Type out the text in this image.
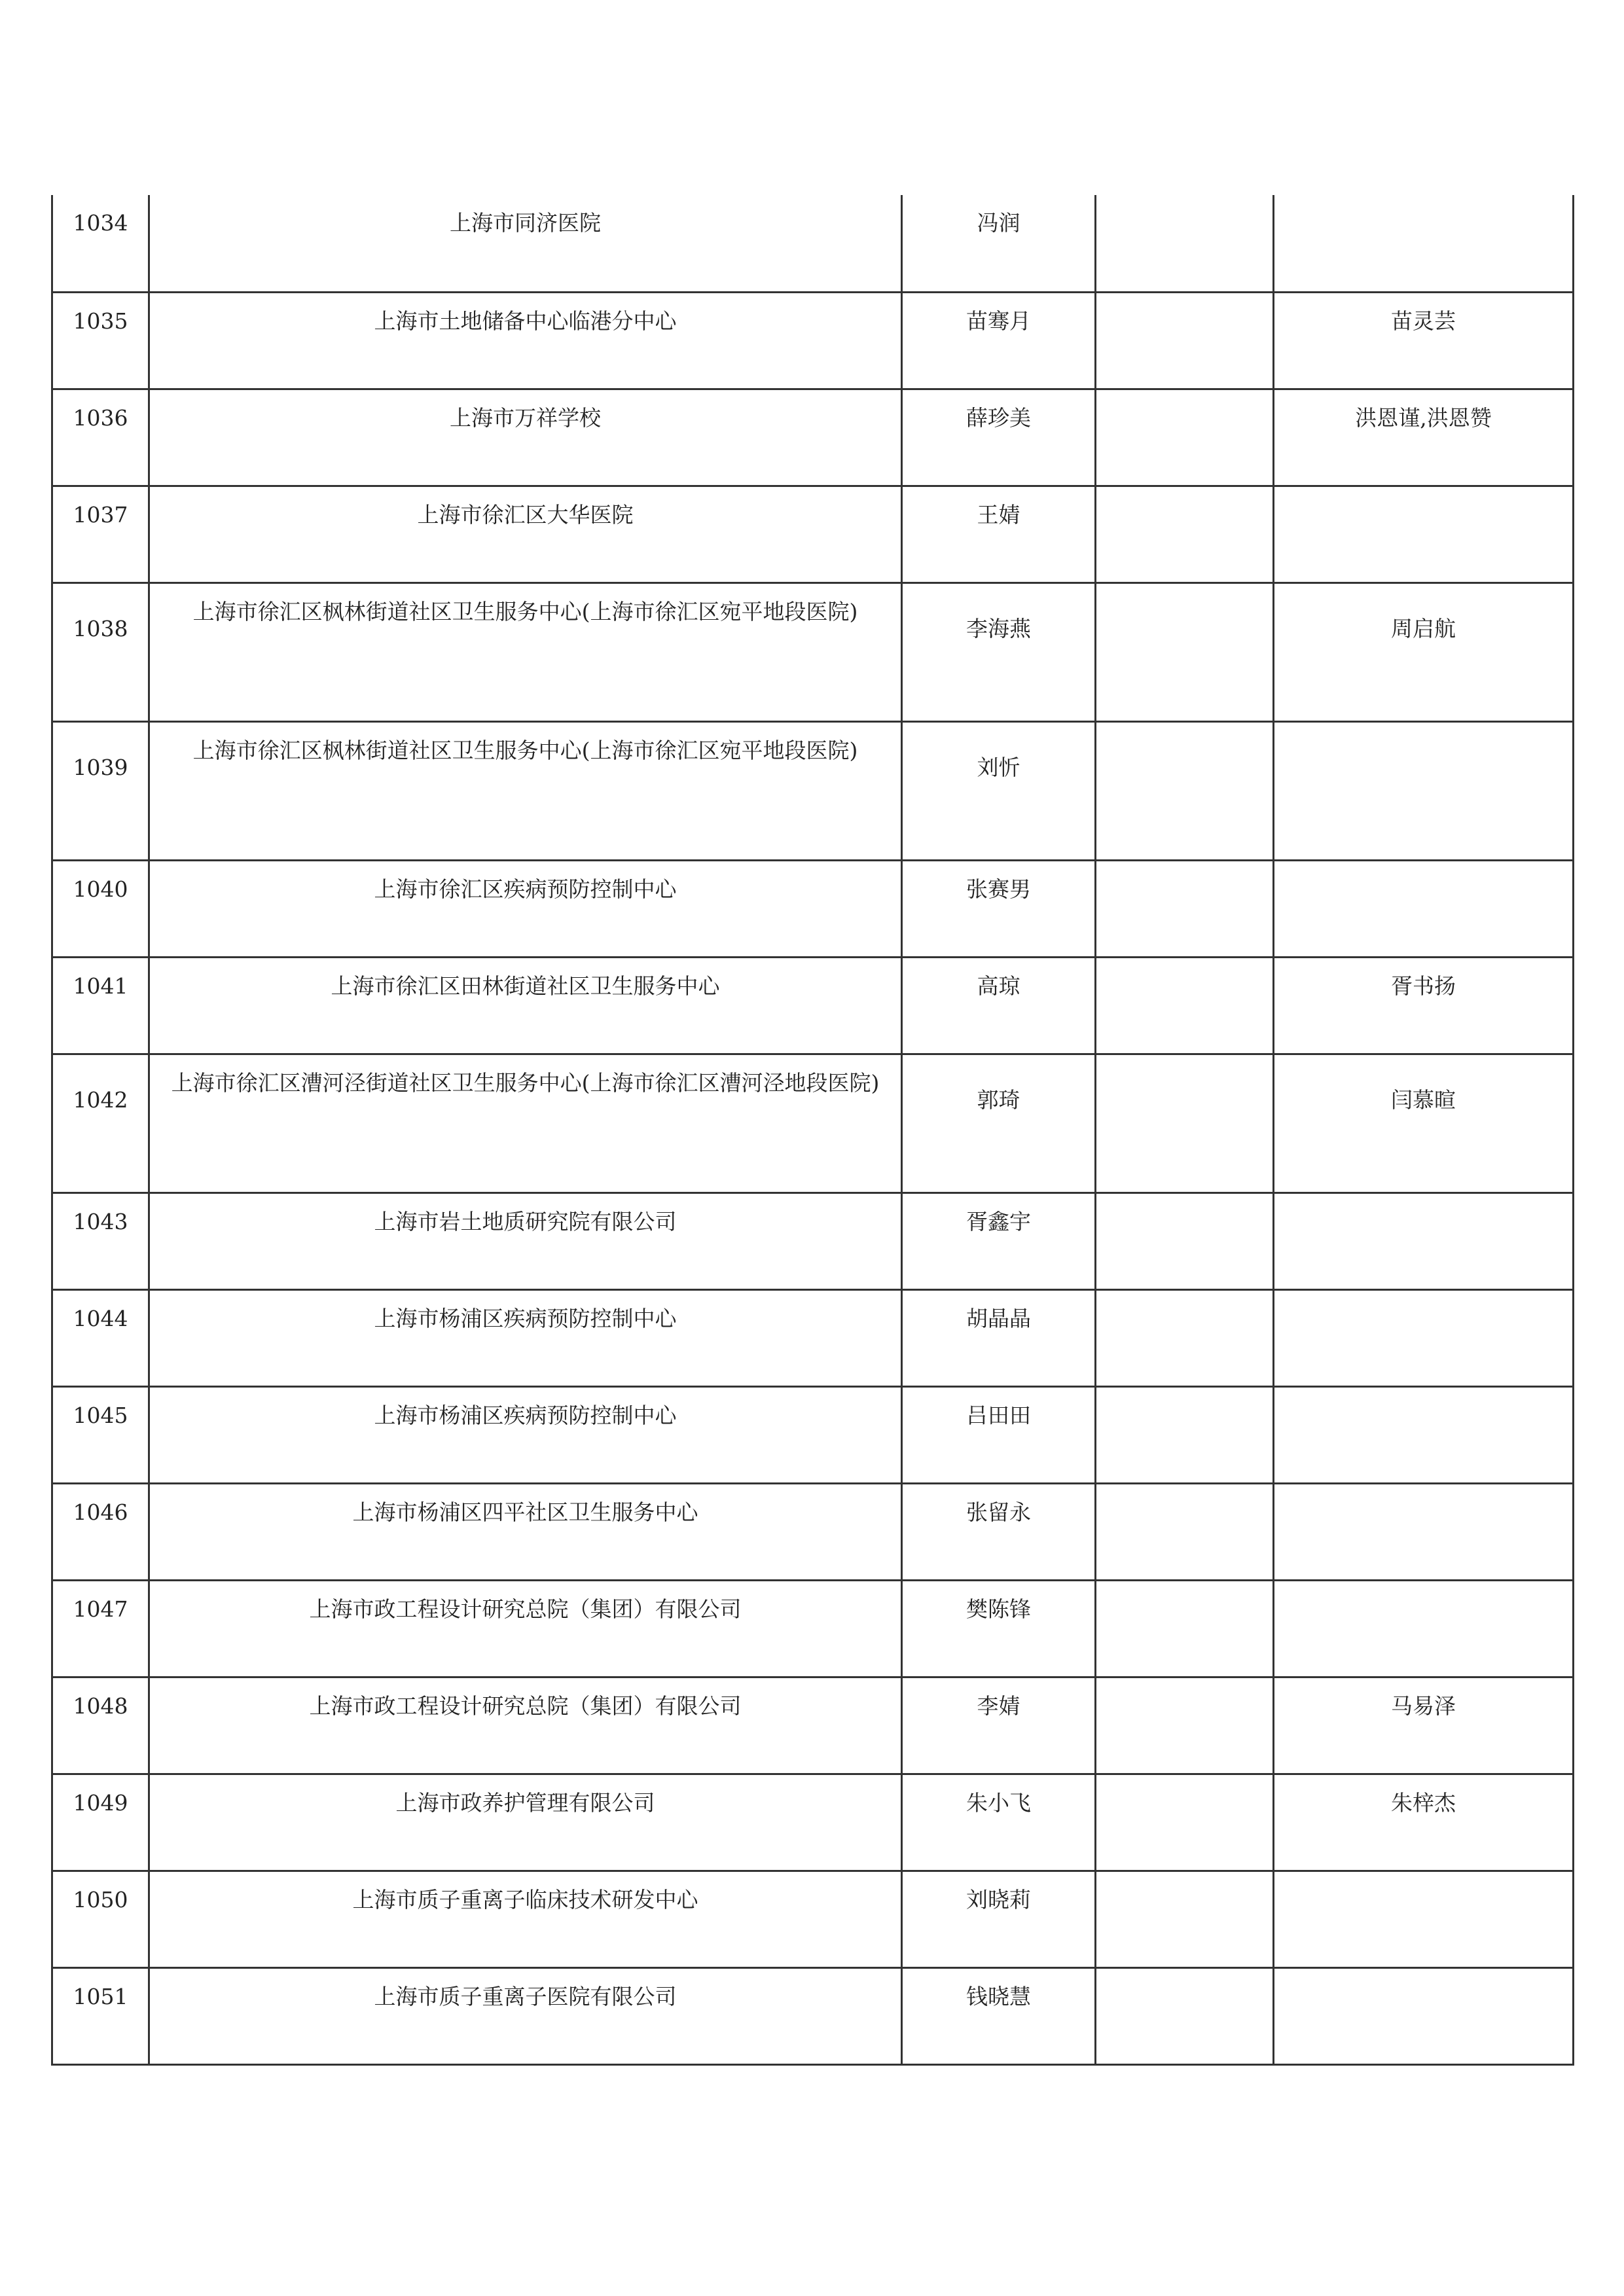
1034	上海市同济医院	冯润		
1035	上海市土地储备中心临港分中心	苗骞月		苗灵芸
1036	上海市万祥学校	薛珍美		洪恩谨,洪恩赞
1037	上海市徐汇区大华医院	王婧		
1038	上海市徐汇区枫林街道社区卫生服务中心(上海市徐汇区宛平地段医院)	李海燕		周启航
1039	上海市徐汇区枫林街道社区卫生服务中心(上海市徐汇区宛平地段医院)	刘忻		
1040	上海市徐汇区疾病预防控制中心	张赛男		
1041	上海市徐汇区田林街道社区卫生服务中心	高琼		胥书扬
1042	上海市徐汇区漕河泾街道社区卫生服务中心(上海市徐汇区漕河泾地段医院)	郭琦		闫慕暄
1043	上海市岩土地质研究院有限公司	胥鑫宇		
1044	上海市杨浦区疾病预防控制中心	胡晶晶		
1045	上海市杨浦区疾病预防控制中心	吕田田		
1046	上海市杨浦区四平社区卫生服务中心	张留永		
1047	上海市政工程设计研究总院（集团）有限公司	樊陈锋		
1048	上海市政工程设计研究总院（集团）有限公司	李婧		马易泽
1049	上海市政养护管理有限公司	朱小飞		朱梓杰
1050	上海市质子重离子临床技术研发中心	刘晓莉		
1051	上海市质子重离子医院有限公司	钱晓慧		
